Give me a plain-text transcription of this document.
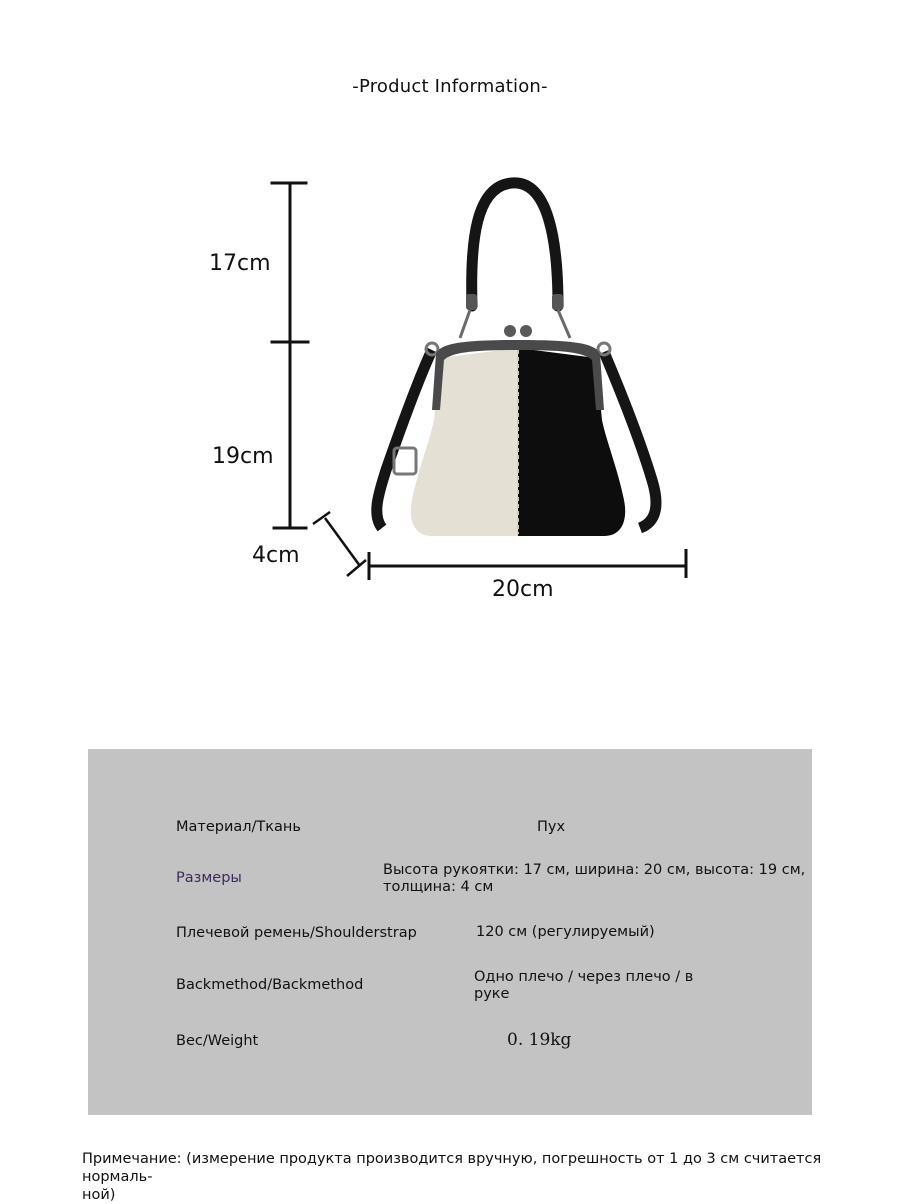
-Product Information-
17cm
19cm
4cm
20cm
Материал/Ткань	Пух
Размеры	Высота рукоятки: 17 см, ширина: 20 см, высота: 19 см,
толщина: 4 см
Плечевой ремень/Shoulderstrap	120 см (регулируемый)
Backmethod/Backmethod	Одно плечо / через плечо / в
руке
Вес/Weight	0. 19kg
Примечание: (измерение продукта производится вручную, погрешность от 1 до 3 см считается нормаль-
ной)
